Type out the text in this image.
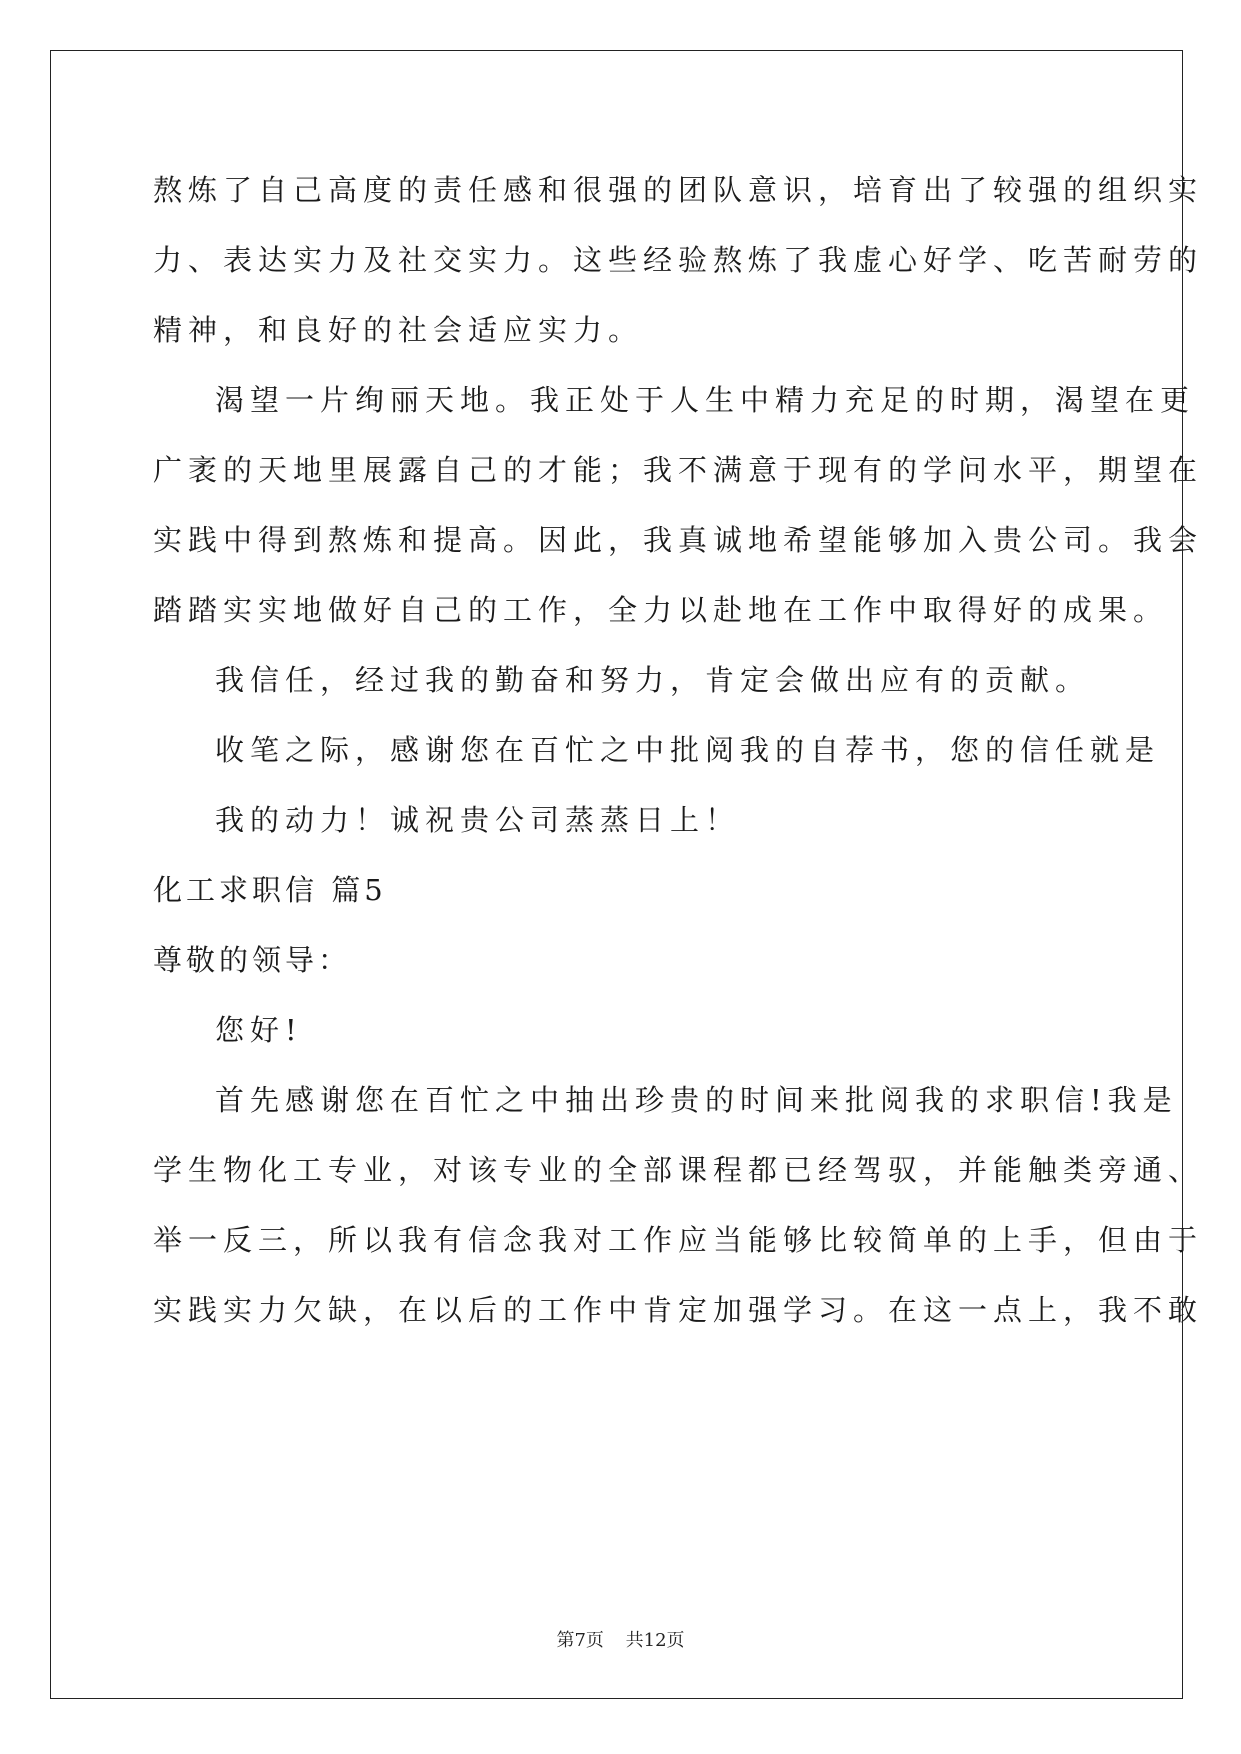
熬炼了自己高度的责任感和很强的团队意识，培育出了较强的组织实
力、表达实力及社交实力。这些经验熬炼了我虚心好学、吃苦耐劳的
精神，和良好的社会适应实力。
渴望一片绚丽天地。我正处于人生中精力充足的时期，渴望在更
广袤的天地里展露自己的才能；我不满意于现有的学问水平，期望在
实践中得到熬炼和提高。因此，我真诚地希望能够加入贵公司。我会
踏踏实实地做好自己的工作，全力以赴地在工作中取得好的成果。
我信任，经过我的勤奋和努力，肯定会做出应有的贡献。
收笔之际，感谢您在百忙之中批阅我的自荐书，您的信任就是
我的动力！诚祝贵公司蒸蒸日上！
化工求职信 篇5
尊敬的领导：
您好!
首先感谢您在百忙之中抽出珍贵的时间来批阅我的求职信!我是
学生物化工专业，对该专业的全部课程都已经驾驭，并能触类旁通、
举一反三，所以我有信念我对工作应当能够比较简单的上手，但由于
实践实力欠缺，在以后的工作中肯定加强学习。在这一点上，我不敢
第7页 共12页
